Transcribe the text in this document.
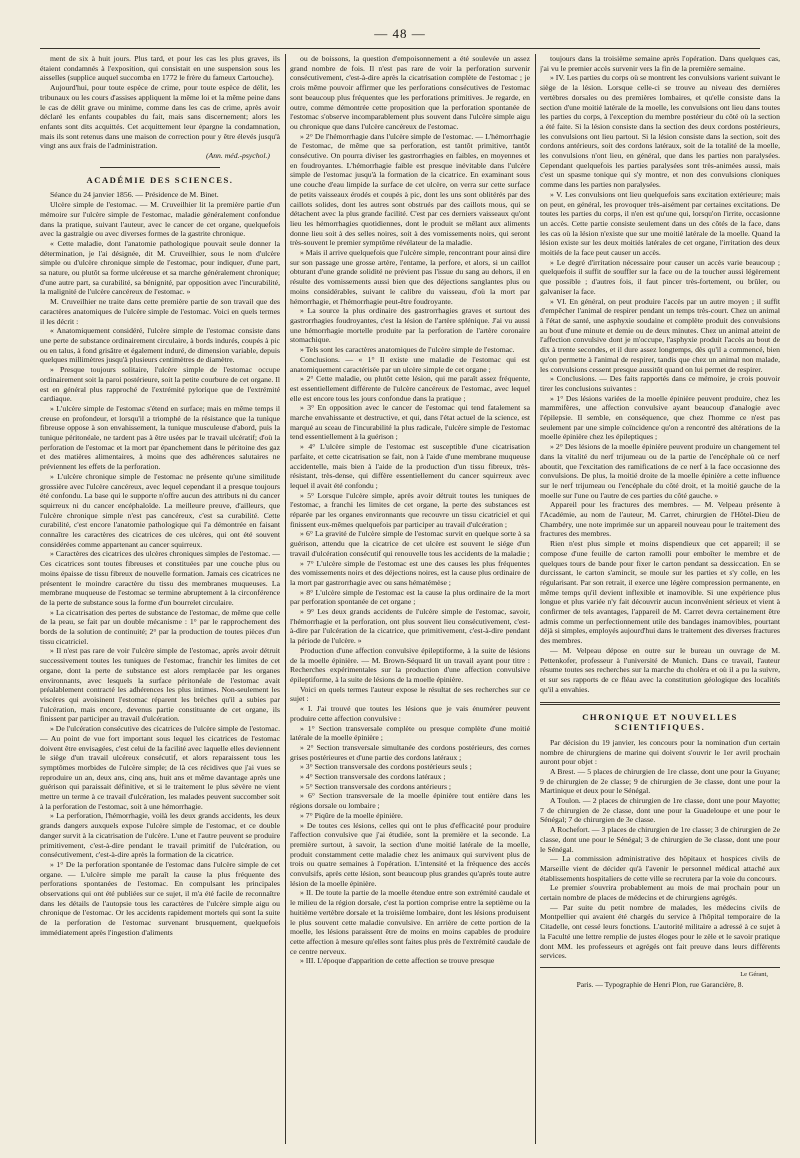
— 48 —

ment de six à huit jours. Plus tard, et pour les cas les plus graves, ils étaient condamnés à l'exposition, qui consistait en une suspension sous les aisselles (supplice auquel succomba en 1772 le frère du fameux Cartouche).

Aujourd'hui, pour toute espèce de crime, pour toute espèce de délit, les tribunaux ou les cours d'assises appliquent la même loi et la même peine dans le cas de délit grave ou minime, comme dans les cas de crime, après avoir déclaré les enfants coupables du fait, mais sans discernement; alors les enfants sont dits acquittés. Cet acquittement leur épargne la condamnation, mais ils sont retenus dans une maison de correction pour y être élevés jusqu'à vingt ans aux frais de l'administration.

(Ann. méd.-psychol.)
ACADÉMIE DES SCIENCES.

Séance du 24 janvier 1856. — Présidence de M. Binet.

Ulcère simple de l'estomac. — M. Cruveilhier lit la première partie d'un mémoire sur l'ulcère simple de l'estomac, maladie généralement confondue dans la pratique, suivant l'auteur, avec le cancer de cet organe, quelquefois avec la gastralgie ou avec diverses formes de la gastrite chronique.

« Cette maladie, dont l'anatomie pathologique pouvait seule donner la détermination, je l'ai désignée, dit M. Cruveilhier, sous le nom d'ulcère simple ou d'ulcère chronique simple de l'estomac, pour indiquer, d'une part, sa nature, ou plutôt sa forme ulcéreuse et sa marche généralement chronique; d'une autre part, sa curabilité, sa bénignité, par opposition avec l'incurabilité, la malignité de l'ulcère cancéreux de l'estomac. »

M. Cruveilhier ne traite dans cette première partie de son travail que des caractères anatomiques de l'ulcère simple de l'estomac. Voici en quels termes il les décrit :

« Anatomiquement considéré, l'ulcère simple de l'estomac consiste dans une perte de substance ordinairement circulaire, à bords indurés, coupés à pic ou en talus, à fond grisâtre et également induré, de dimension variable, depuis quelques millimètres jusqu'à plusieurs centimètres de diamètre.

» Presque toujours solitaire, l'ulcère simple de l'estomac occupe ordinairement soit la paroi postérieure, soit la petite courbure de cet organe. Il est en général plus rapproché de l'extrémité pylorique que de l'extrémité cardiaque.

» L'ulcère simple de l'estomac s'étend en surface; mais en même temps il creuse en profondeur, et lorsqu'il a triomphé de la résistance que la tunique fibreuse oppose à son envahissement, la tunique musculeuse d'abord, puis la tunique péritonéale, ne tardent pas à être usées par le travail ulcératif; d'où la perforation de l'estomac et la mort par épanchement dans le péritoine des gaz et des matières alimentaires, à moins que des adhérences salutaires ne préviennent les effets de la perforation.

» L'ulcère chronique simple de l'estomac ne présente qu'une similitude grossière avec l'ulcère cancéreux, avec lequel cependant il a presque toujours été confondu. La base qui le supporte n'offre aucun des attributs ni du cancer squirreux ni du cancer encéphaloïde. La meilleure preuve, d'ailleurs, que l'ulcère chronique simple n'est pas cancéreux, c'est sa curabilité. Cette curabilité, c'est encore l'anatomie pathologique qui l'a démontrée en faisant connaître les caractères des cicatrices de ces ulcères, qui ont été souvent considérées comme appartenant au cancer squirreux.

» Caractères des cicatrices des ulcères chroniques simples de l'estomac. — Ces cicatrices sont toutes fibreuses et constituées par une couche plus ou moins épaisse de tissu fibreux de nouvelle formation. Jamais ces cicatrices ne présentent le moindre caractère du tissu des membranes muqueuses. La membrane muqueuse de l'estomac se termine abruptement à la circonférence de la perte de substance sous la forme d'un bourrelet circulaire.

» La cicatrisation des pertes de substance de l'estomac, de même que celle de la peau, se fait par un double mécanisme : 1° par le rapprochement des bords de la solution de continuité; 2° par la production de toutes pièces d'un tissu cicatriciel.

» Il n'est pas rare de voir l'ulcère simple de l'estomac, après avoir détruit successivement toutes les tuniques de l'estomac, franchir les limites de cet organe, dont la perte de substance est alors remplacée par les organes environnants, avec lesquels la surface péritonéale de l'estomac avait préalablement contracté les adhérences les plus intimes. Non-seulement les viscères qui avoisinent l'estomac réparent les brèches qu'il a subies par l'ulcération, mais encore, devenus partie constituante de cet organe, ils finissent par participer au travail d'ulcération.

» De l'ulcération consécutive des cicatrices de l'ulcère simple de l'estomac. — Au point de vue fort important sous lequel les cicatrices de l'estomac doivent être envisagées, c'est celui de la facilité avec laquelle elles deviennent le siège d'un travail ulcéreux consécutif, et alors reparaissent tous les symptômes morbides de l'ulcère simple; de là ces récidives que j'ai vues se reproduire un an, deux ans, cinq ans, huit ans et même davantage après une guérison qui paraissait définitive, et si le traitement le plus sévère ne vient mettre un terme à ce travail d'ulcération, les malades peuvent succomber soit à la perforation de l'estomac, soit à une hémorrhagie.

» La perforation, l'hémorrhagie, voilà les deux grands accidents, les deux grands dangers auxquels expose l'ulcère simple de l'estomac, et ce double danger survit à la cicatrisation de l'ulcère. L'une et l'autre peuvent se produire primitivement, c'est-à-dire pendant le travail primitif de l'ulcération, ou consécutivement, c'est-à-dire après la formation de la cicatrice.

» 1° De la perforation spontanée de l'estomac dans l'ulcère simple de cet organe. — L'ulcère simple me paraît la cause la plus fréquente des perforations spontanées de l'estomac. En compulsant les principales observations qui ont été publiées sur ce sujet, il m'a été facile de reconnaître dans les détails de l'autopsie tous les caractères de l'ulcère simple aigu ou chronique de l'estomac. Or les accidents rapidement mortels qui sont la suite de la perforation de l'estomac survenant brusquement, quelquefois immédiatement après l'ingestion d'aliments

ou de boissons, la question d'empoisonnement a été soulevée un assez grand nombre de fois. Il n'est pas rare de voir la perforation survenir consécutivement, c'est-à-dire après la cicatrisation complète de l'estomac ; je crois même pouvoir affirmer que les perforations consécutives de l'estomac sont beaucoup plus fréquentes que les perforations primitives. Je regarde, en outre, comme démontrée cette proposition que la perforation spontanée de l'estomac s'observe incomparablement plus souvent dans l'ulcère simple aigu ou chronique que dans l'ulcère cancéreux de l'estomac.

» 2° De l'hémorrhagie dans l'ulcère simple de l'estomac. — L'hémorrhagie de l'estomac, de même que sa perforation, est tantôt primitive, tantôt consécutive. On pourra diviser les gastrorrhagies en faibles, en moyennes et en foudroyantes. L'hémorrhagie faible est presque inévitable dans l'ulcère simple de l'estomac jusqu'à la formation de la cicatrice. En examinant sous une couche d'eau limpide la surface de cet ulcère, on verra sur cette surface de petits vaisseaux érodés et coupés à pic, dont les uns sont oblitérés par des caillots solides, dont les autres sont obstrués par des caillots mous, qui se détachent avec la plus grande facilité. C'est par ces derniers vaisseaux qu'ont lieu les hémorrhagies quotidiennes, dont le produit se mêlant aux aliments donne lieu soit à des selles noires, soit à des vomissements noirs, qui seront très-souvent le premier symptôme révélateur de la maladie.

» Mais il arrive quelquefois que l'ulcère simple, rencontrant pour ainsi dire sur son passage une grosse artère, l'entame, la perfore, et alors, si un caillot obturant d'une grande solidité ne prévient pas l'issue du sang au dehors, il en résulte des vomissements aussi bien que des déjections sanglantes plus ou moins considérables, suivant le calibre du vaisseau, d'où la mort par hémorrhagie, et l'hémorrhagie peut-être foudroyante.

» La source la plus ordinaire des gastrorrhagies graves et surtout des gastrorrhagies foudroyantes, c'est la lésion de l'artère splénique. J'ai vu aussi une hémorrhagie mortelle produite par la perforation de l'artère coronaire stomachique.

» Tels sont les caractères anatomiques de l'ulcère simple de l'estomac.

Conclusions. — « 1° Il existe une maladie de l'estomac qui est anatomiquement caractérisée par un ulcère simple de cet organe ;

» 2° Cette maladie, ou plutôt cette lésion, qui me paraît assez fréquente, est essentiellement différente de l'ulcère cancéreux de l'estomac, avec lequel elle est encore tous les jours confondue dans la pratique ;

» 3° En opposition avec le cancer de l'estomac qui tend fatalement sa marche envahissante et destructive, et qui, dans l'état actuel de la science, est marqué au sceau de l'incurabilité la plus radicale, l'ulcère simple de l'estomac tend essentiellement à la guérison ;

» 4° L'ulcère simple de l'estomac est susceptible d'une cicatrisation parfaite, et cette cicatrisation se fait, non à l'aide d'une membrane muqueuse accidentelle, mais bien à l'aide de la production d'un tissu fibreux, très-résistant, très-dense, qui diffère essentiellement du cancer squirreux avec lequel il avait été confondu ;

» 5° Lorsque l'ulcère simple, après avoir détruit toutes les tuniques de l'estomac, a franchi les limites de cet organe, la perte des substances est réparée par les organes environnants que recouvre un tissu cicatriciel et qui finissent eux-mêmes quelquefois par participer au travail d'ulcération ;

» 6° La gravité de l'ulcère simple de l'estomac survit en quelque sorte à sa guérison, attendu que la cicatrice de cet ulcère est souvent le siége d'un travail d'ulcération consécutif qui renouvelle tous les accidents de la maladie ;

» 7° L'ulcère simple de l'estomac est une des causes les plus fréquentes des vomissements noirs et des déjections noires, est la cause plus ordinaire de la mort par gastrorrhagie avec ou sans hématémèse ;

» 8° L'ulcère simple de l'estomac est la cause la plus ordinaire de la mort par perforation spontanée de cet organe ;

» 9° Les deux grands accidents de l'ulcère simple de l'estomac, savoir, l'hémorrhagie et la perforation, ont plus souvent lieu consécutivement, c'est-à-dire par l'ulcération de la cicatrice, que primitivement, c'est-à-dire pendant la période de l'ulcère. »

Production d'une affection convulsive épileptiforme, à la suite de lésions de la moelle épinière. — M. Brown-Séquard lit un travail ayant pour titre : Recherches expérimentales sur la production d'une affection convulsive épileptiforme, à la suite de lésions de la moelle épinière.

Voici en quels termes l'auteur expose le résultat de ses recherches sur ce sujet :

« I. J'ai trouvé que toutes les lésions que je vais énumérer peuvent produire cette affection convulsive :

» 1° Section transversale complète ou presque complète d'une moitié latérale de la moelle épinière ;

» 2° Section transversale simultanée des cordons postérieurs, des cornes grises postérieures et d'une partie des cordons latéraux ;

» 3° Section transversale des cordons postérieurs seuls ;

» 4° Section transversale des cordons latéraux ;

» 5° Section transversale des cordons antérieurs ;

» 6° Section transversale de la moelle épinière tout entière dans les régions dorsale ou lombaire ;

» 7° Piqûre de la moelle épinière.

» De toutes ces lésions, celles qui ont le plus d'efficacité pour produire l'affection convulsive que j'ai étudiée, sont la première et la seconde. La première surtout, à savoir, la section d'une moitié latérale de la moelle, produit constamment cette maladie chez les animaux qui survivent plus de trois ou quatre semaines à l'opération. L'intensité et la fréquence des accès convulsifs, après cette lésion, sont beaucoup plus grandes qu'après toute autre lésion de la moelle épinière.

» II. De toute la partie de la moelle étendue entre son extrémité caudale et le milieu de la région dorsale, c'est la portion comprise entre la septième ou la huitième vertèbre dorsale et la troisième lombaire, dont les lésions produisent le plus souvent cette maladie convulsive. En arrière de cette portion de la moelle, les lésions paraissent être de moins en moins capables de produire cette affection à mesure qu'elles sont faites plus près de l'extrémité caudale de ce centre nerveux.

» III. L'époque d'apparition de cette affection se trouve presque

toujours dans la troisième semaine après l'opération. Dans quelques cas, j'ai vu le premier accès survenir vers la fin de la première semaine.

» IV. Les parties du corps où se montrent les convulsions varient suivant le siège de la lésion. Lorsque celle-ci se trouve au niveau des dernières vertèbres dorsales ou des premières lombaires, et qu'elle consiste dans la section d'une moitié latérale de la moelle, les convulsions ont lieu dans toutes les parties du corps, à l'exception du membre postérieur du côté où la section a été faite. Si la lésion consiste dans la section des deux cordons postérieurs, les convulsions ont lieu partout. Si la lésion consiste dans la section, soit des cordons antérieurs, soit des cordons latéraux, soit de la totalité de la moelle, les convulsions n'ont lieu, en général, que dans les parties non paralysées. Cependant quelquefois les parties paralysées sont très-animées aussi, mais c'est un spasme tonique qui s'y montre, et non des convulsions cloniques comme dans les parties non paralysées.

» V. Les convulsions ont lieu quelquefois sans excitation extérieure; mais on peut, en général, les provoquer très-aisément par certaines excitations. De toutes les parties du corps, il n'en est qu'une qui, lorsqu'on l'irrite, occasionne un accès. Cette partie consiste seulement dans un des côtés de la face, dans les cas où la lésion n'existe que sur une moitié latérale de la moelle. Quand la lésion existe sur les deux moitiés latérales de cet organe, l'irritation des deux moitiés de la face peut causer un accès.

» Le degré d'irritation nécessaire pour causer un accès varie beaucoup ; quelquefois il suffit de souffler sur la face ou de la toucher aussi légèrement que possible ; d'autres fois, il faut pincer très-fortement, ou brûler, ou galvaniser la face.

» VI. En général, on peut produire l'accès par un autre moyen ; il suffit d'empêcher l'animal de respirer pendant un temps très-court. Chez un animal à l'état de santé, une asphyxie soudaine et complète produit des convulsions au bout d'une minute et demie ou de deux minutes. Chez un animal atteint de l'affection convulsive dont je m'occupe, l'asphyxie produit l'accès au bout de dix à trente secondes, et il dure assez longtemps, dès qu'il a commencé, bien qu'on permette à l'animal de respirer, tandis que chez un animal non malade, les convulsions cessent presque aussitôt quand on lui permet de respirer.

» Conclusions. — Des faits rapportés dans ce mémoire, je crois pouvoir tirer les conclusions suivantes :

» 1° Des lésions variées de la moelle épinière peuvent produire, chez les mammifères, une affection convulsive ayant beaucoup d'analogie avec l'épilepsie. Il semble, en conséquence, que chez l'homme ce n'est pas seulement par une simple coïncidence qu'on a rencontré des altérations de la moelle épinière chez les épileptiques ;

» 2° Des lésions de la moelle épinière peuvent produire un changement tel dans la vitalité du nerf trijumeau ou de la partie de l'encéphale où ce nerf aboutit, que l'excitation des ramifications de ce nerf à la face occasionne des convulsions. De plus, la moitié droite de la moelle épinière a cette influence sur le nerf trijumeau ou l'encéphale du côté droit, et la moitié gauche de la moelle sur l'une ou l'autre de ces parties du côté gauche. »

Appareil pour les fractures des membres. — M. Velpeau présente à l'Académie, au nom de l'auteur, M. Carret, chirurgien de l'Hôtel-Dieu de Chambéry, une note imprimée sur un appareil nouveau pour le traitement des fractures des membres.

Rien n'est plus simple et moins dispendieux que cet appareil; il se compose d'une feuille de carton ramolli pour emboîter le membre et de quelques tours de bande pour fixer le carton pendant sa dessiccation. En se durcissant, le carton s'amincit, se moule sur les parties et s'y colle, en les régularisant. Par son retrait, il exerce une légère compression permanente, en même temps qu'il devient inflexible et inamovible. Si une expérience plus longue et plus variée n'y fait découvrir aucun inconvénient sérieux et vient à confirmer de tels avantages, l'appareil de M. Carret devra certainement être admis comme un perfectionnement utile des bandages inamovibles, pourtant déjà si simples, employés aujourd'hui dans le traitement des diverses fractures des membres.

— M. Velpeau dépose en outre sur le bureau un ouvrage de M. Pettenkofer, professeur à l'université de Munich. Dans ce travail, l'auteur résume toutes ses recherches sur la marche du choléra et où il a pu la suivre, et sur ses rapports de ce fléau avec la constitution géologique des localités qu'il a envahies.

CHRONIQUE ET NOUVELLES SCIENTIFIQUES.

Par décision du 19 janvier, les concours pour la nomination d'un certain nombre de chirurgiens de marine qui doivent s'ouvrir le 1er avril prochain auront pour objet :

A Brest. — 5 places de chirurgien de 1re classe, dont une pour la Guyane; 9 de chirurgien de 2e classe; 9 de chirurgien de 3e classe, dont une pour la Martinique et deux pour le Sénégal.

A Toulon. — 2 places de chirurgien de 1re classe, dont une pour Mayotte; 7 de chirurgien de 2e classe, dont une pour la Guadeloupe et une pour le Sénégal; 7 de chirurgien de 3e classe.

A Rochefort. — 3 places de chirurgien de 1re classe; 3 de chirurgien de 2e classe, dont une pour le Sénégal; 3 de chirurgien de 3e classe, dont une pour le Sénégal.

— La commission administrative des hôpitaux et hospices civils de Marseille vient de décider qu'à l'avenir le personnel médical attaché aux établissements hospitaliers de cette ville se recrutera par la voie du concours.

Le premier s'ouvrira probablement au mois de mai prochain pour un certain nombre de places de médecins et de chirurgiens agrégés.

— Par suite du petit nombre de malades, les médecins civils de Montpellier qui avaient été chargés du service à l'hôpital temporaire de la Citadelle, ont cessé leurs fonctions. L'autorité militaire a adressé à ce sujet à la Faculté une lettre remplie de justes éloges pour le zèle et le savoir pratique dont MM. les professeurs et agrégés ont fait preuve dans leurs différents services.

Le Gérant,
Paris. — Typographie de Henri Plon, rue Garancière, 8.
